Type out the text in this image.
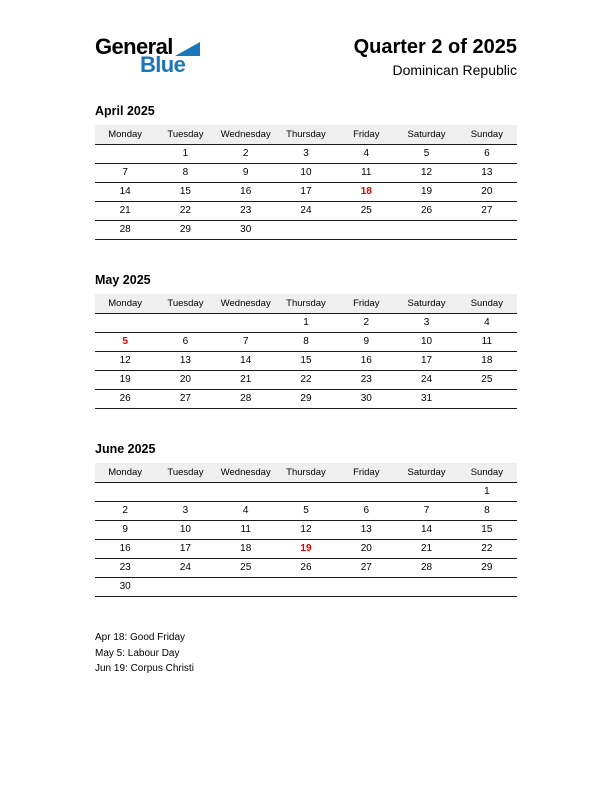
General
Blue
Quarter 2 of 2025
Dominican Republic
April 2025
Monday	Tuesday	Wednesday	Thursday	Friday	Saturday	Sunday
	1	2	3	4	5	6
7	8	9	10	11	12	13
14	15	16	17	18	19	20
21	22	23	24	25	26	27
28	29	30				
May 2025
Monday	Tuesday	Wednesday	Thursday	Friday	Saturday	Sunday
			1	2	3	4
5	6	7	8	9	10	11
12	13	14	15	16	17	18
19	20	21	22	23	24	25
26	27	28	29	30	31	
June 2025
Monday	Tuesday	Wednesday	Thursday	Friday	Saturday	Sunday
						1
2	3	4	5	6	7	8
9	10	11	12	13	14	15
16	17	18	19	20	21	22
23	24	25	26	27	28	29
30						
Apr 18: Good Friday
May 5: Labour Day
Jun 19: Corpus Christi
